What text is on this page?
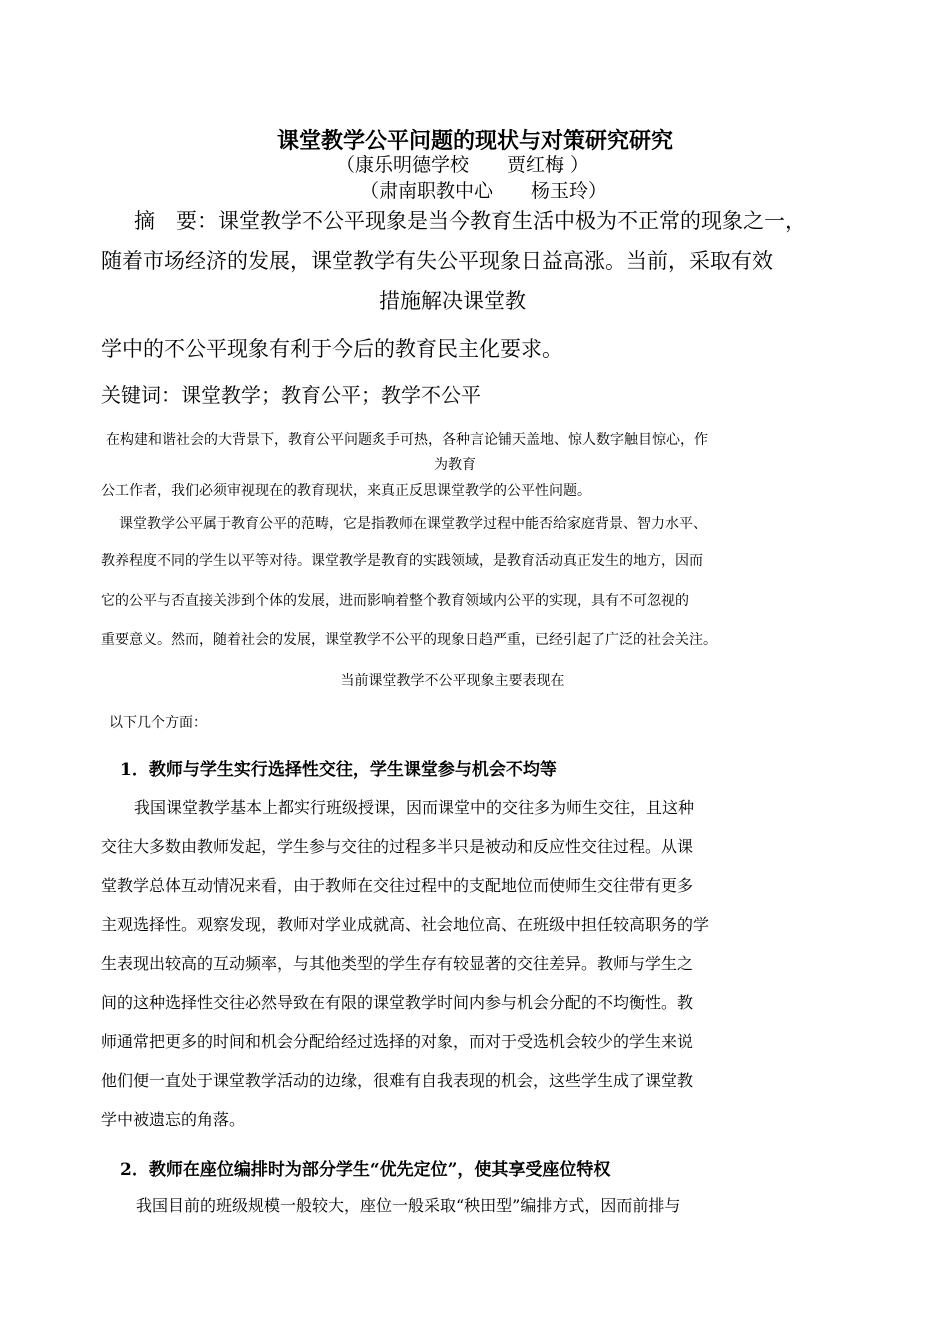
课堂教学公平问题的现状与对策研究研究
（康乐明德学校　　贾红梅 ）
（肃南职教中心　　杨玉玲）
摘　要：课堂教学不公平现象是当今教育生活中极为不正常的现象之一，
随着市场经济的发展，课堂教学有失公平现象日益高涨。当前，采取有效
措施解决课堂教
学中的不公平现象有利于今后的教育民主化要求。
关键词：课堂教学；教育公平；教学不公平
在构建和谐社会的大背景下，教育公平问题炙手可热，各种言论铺天盖地、惊人数字触目惊心，作
为教育
公工作者，我们必须审视现在的教育现状，来真正反思课堂教学的公平性问题。
课堂教学公平属于教育公平的范畴，它是指教师在课堂教学过程中能否给家庭背景、智力水平、
教养程度不同的学生以平等对待。课堂教学是教育的实践领域，是教育活动真正发生的地方，因而
它的公平与否直接关涉到个体的发展，进而影响着整个教育领域内公平的实现，具有不可忽视的
重要意义。然而，随着社会的发展，课堂教学不公平的现象日趋严重，已经引起了广泛的社会关注。
当前课堂教学不公平现象主要表现在
以下几个方面：
1．教师与学生实行选择性交往，学生课堂参与机会不均等
我国课堂教学基本上都实行班级授课，因而课堂中的交往多为师生交往，且这种
交往大多数由教师发起，学生参与交往的过程多半只是被动和反应性交往过程。从课
堂教学总体互动情况来看，由于教师在交往过程中的支配地位而使师生交往带有更多
主观选择性。观察发现，教师对学业成就高、社会地位高、在班级中担任较高职务的学
生表现出较高的互动频率，与其他类型的学生存有较显著的交往差异。教师与学生之
间的这种选择性交往必然导致在有限的课堂教学时间内参与机会分配的不均衡性。教
师通常把更多的时间和机会分配给经过选择的对象，而对于受选机会较少的学生来说
他们便一直处于课堂教学活动的边缘，很难有自我表现的机会，这些学生成了课堂教
学中被遗忘的角落。
2．教师在座位编排时为部分学生“优先定位”，使其享受座位特权
我国目前的班级规模一般较大，座位一般采取“秧田型”编排方式，因而前排与
